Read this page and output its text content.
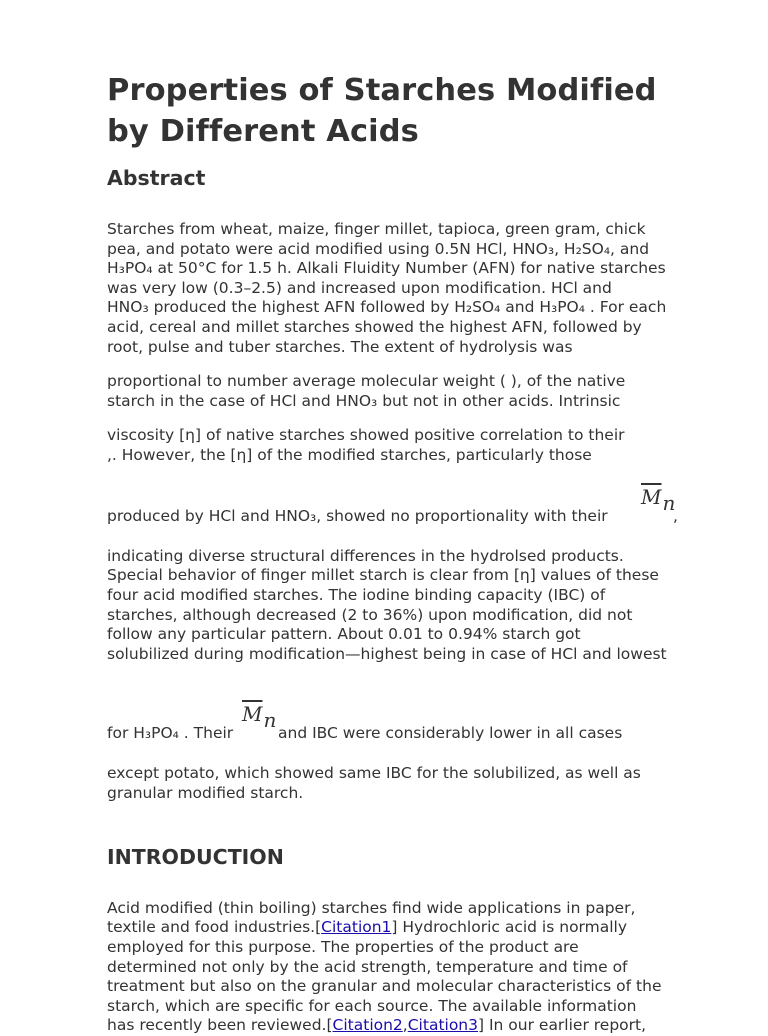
Properties of Starches Modified by Different Acids
Abstract

Starches from wheat, maize, finger millet, tapioca, green gram, chick
pea, and potato were acid modified using 0.5N HCl, HNO₃, H₂SO₄, and
H₃PO₄ at 50°C for 1.5 h. Alkali Fluidity Number (AFN) for native starches
was very low (0.3–2.5) and increased upon modification. HCl and
HNO₃ produced the highest AFN followed by H₂SO₄ and H₃PO₄ . For each
acid, cereal and millet starches showed the highest AFN, followed by
root, pulse and tuber starches. The extent of hydrolysis was

proportional to number average molecular weight ( ), of the native
starch in the case of HCl and HNO₃ but not in other acids. Intrinsic

viscosity [η] of native starches showed positive correlation to their
,. However, the [η] of the modified starches, particularly those

produced by HCl and HNO₃, showed no proportionality with their

$\overline{M}n$

,

indicating diverse structural differences in the hydrolsed products.
Special behavior of finger millet starch is clear from [η] values of these
four acid modified starches. The iodine binding capacity (IBC) of
starches, although decreased (2 to 36%) upon modification, did not
follow any particular pattern. About 0.01 to 0.94% starch got
solubilized during modification—highest being in case of HCl and lowest

for H₃PO₄ . Their

$\overline{M}n$

and IBC were considerably lower in all cases

except potato, which showed same IBC for the solubilized, as well as
granular modified starch.

INTRODUCTION

Acid modified (thin boiling) starches find wide applications in paper,
textile and food industries.[Citation1] Hydrochloric acid is normally
employed for this purpose. The properties of the product are
determined not only by the acid strength, temperature and time of
treatment but also on the granular and molecular characteristics of the
starch, which are specific for each source. The available information
has recently been reviewed.[Citation2,Citation3] In our earlier report,
